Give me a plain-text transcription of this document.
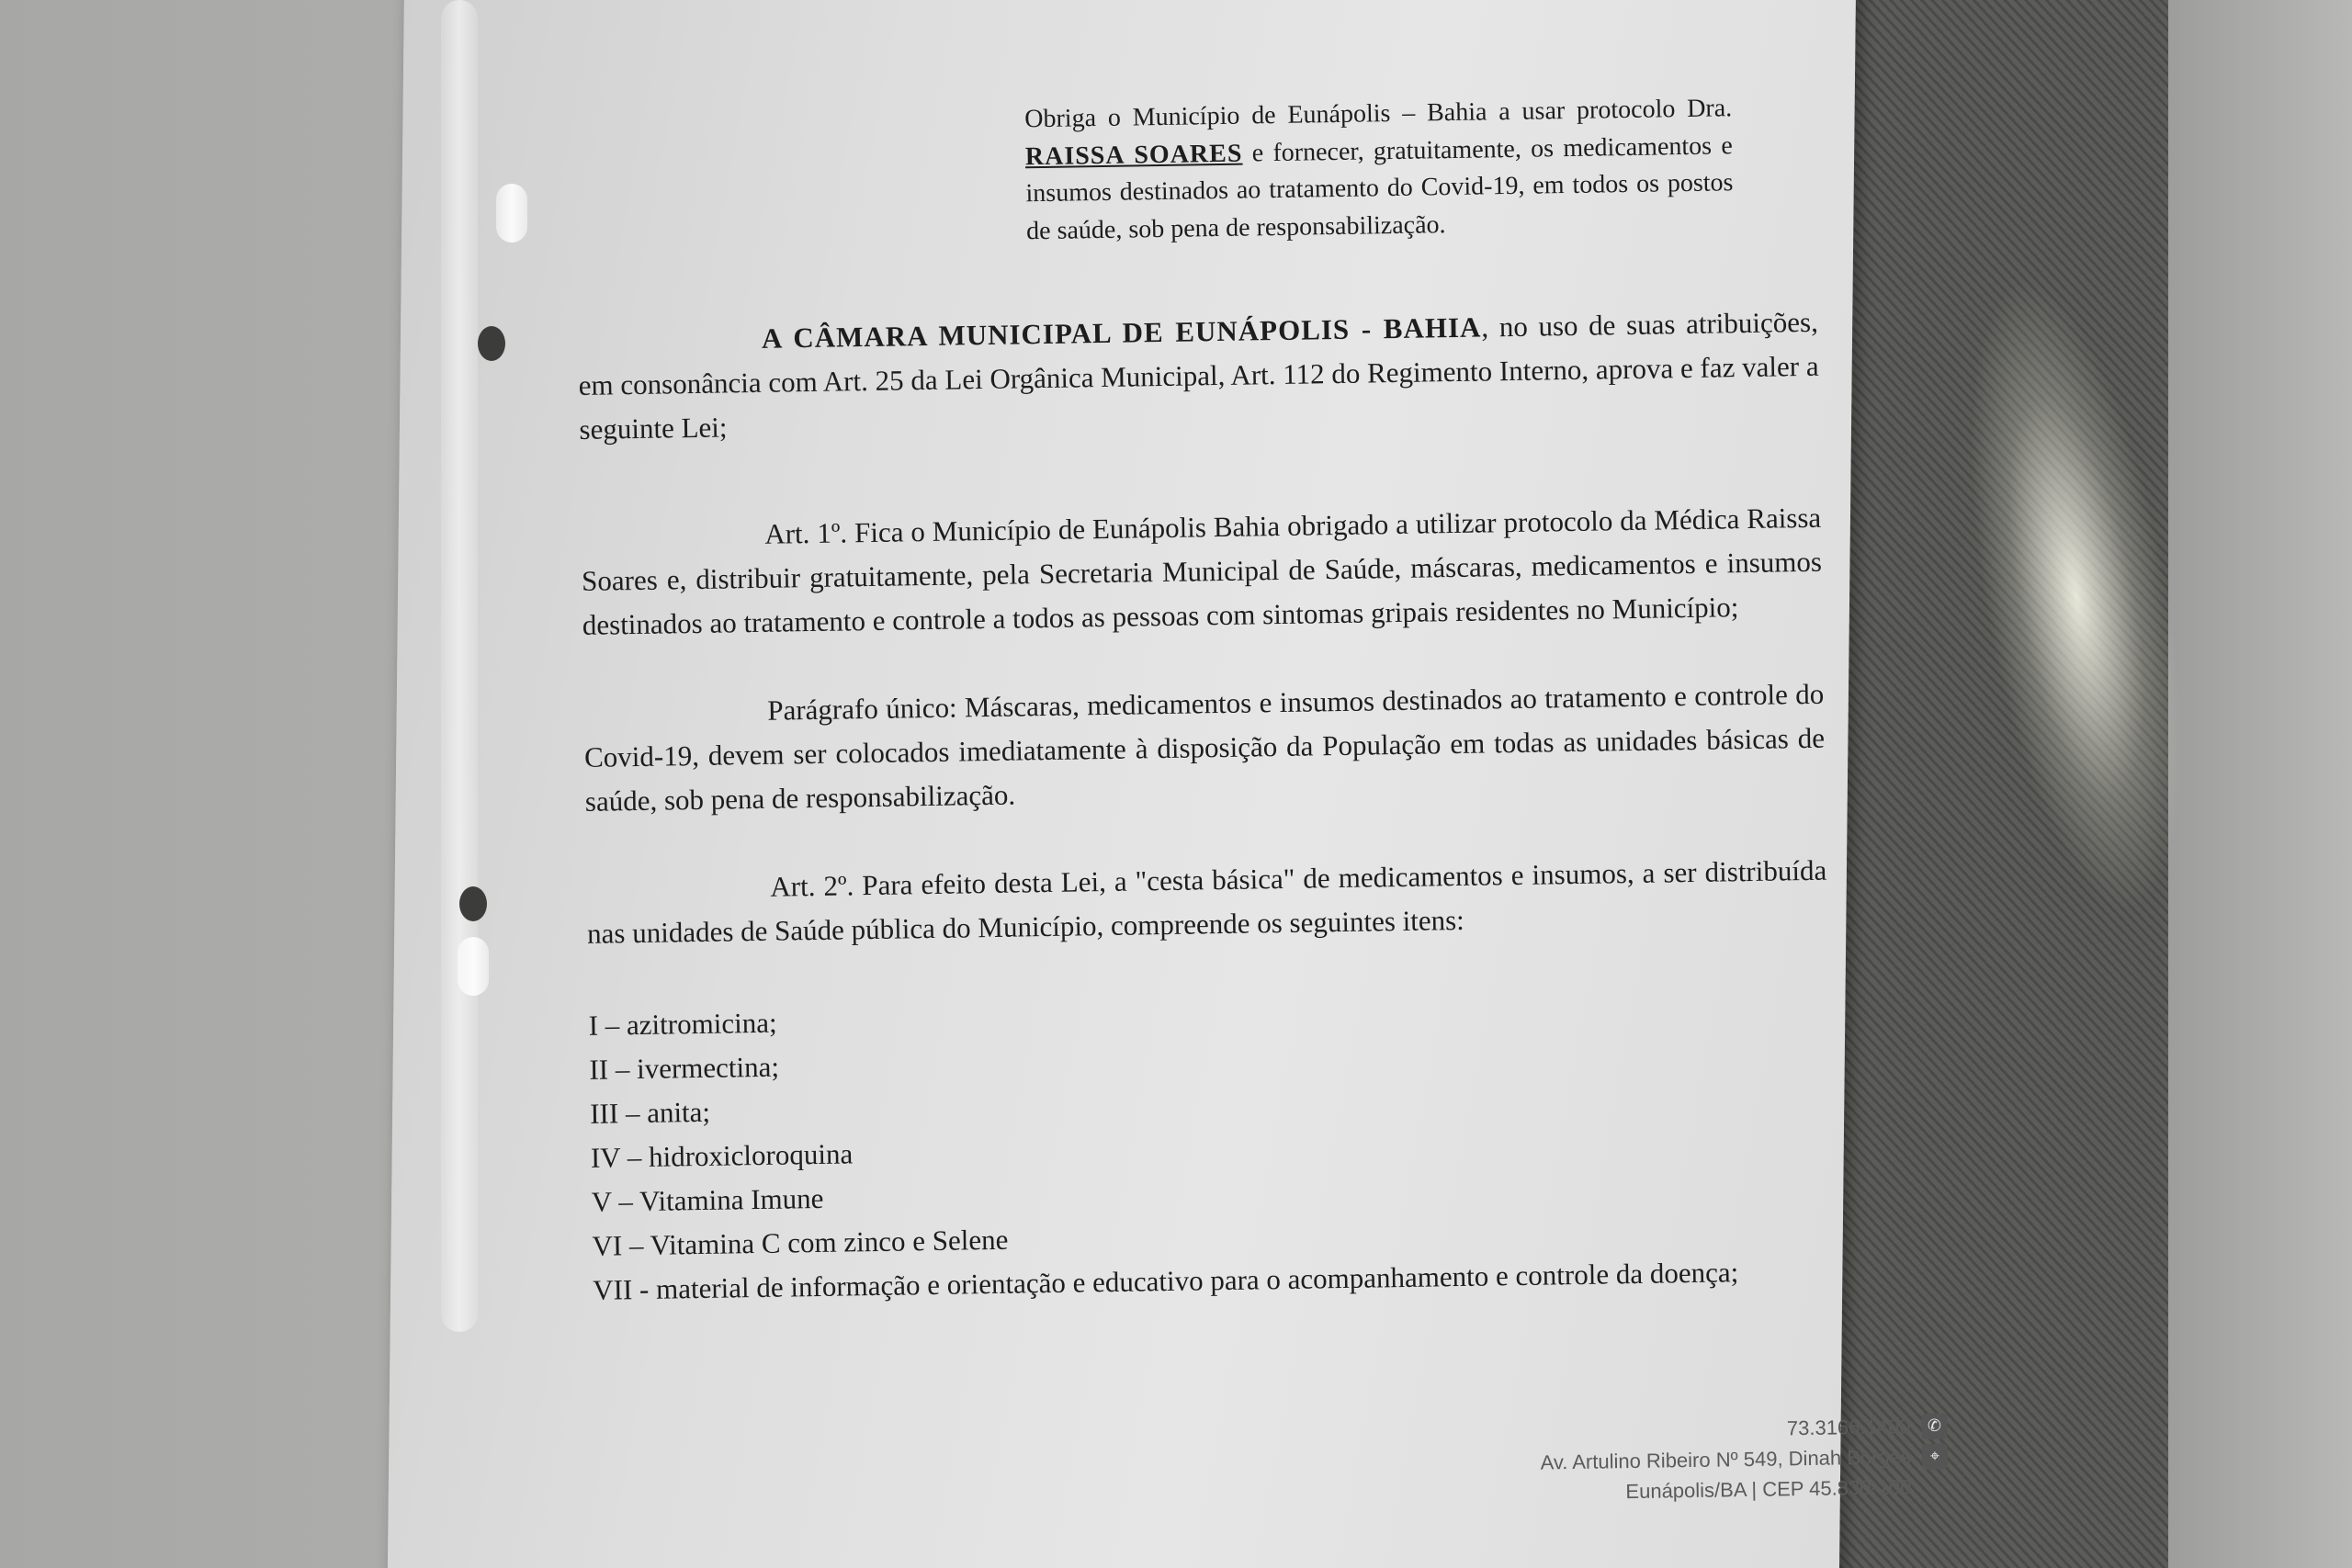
Obriga o Município de Eunápolis – Bahia a usar protocolo Dra. RAISSA SOARES e fornecer, gratuitamente, os medicamentos e insumos destinados ao tratamento do Covid-19, em todos os postos de saúde, sob pena de responsabilização.

A CÂMARA MUNICIPAL DE EUNÁPOLIS - BAHIA, no uso de suas atribuições, em consonância com Art. 25 da Lei Orgânica Municipal, Art. 112 do Regimento Interno, aprova e faz valer a seguinte Lei;

Art. 1º. Fica o Município de Eunápolis Bahia obrigado a utilizar protocolo da Médica Raissa Soares e, distribuir gratuitamente, pela Secretaria Municipal de Saúde, máscaras, medicamentos e insumos destinados ao tratamento e controle a todos as pessoas com sintomas gripais residentes no Município;

Parágrafo único: Máscaras, medicamentos e insumos destinados ao tratamento e controle do Covid-19, devem ser colocados imediatamente à disposição da População em todas as unidades básicas de saúde, sob pena de responsabilização.

Art. 2º. Para efeito desta Lei, a "cesta básica" de medicamentos e insumos, a ser distribuída nas unidades de Saúde pública do Município, compreende os seguintes itens:

I – azitromicina;
II – ivermectina;
III – anita;
IV – hidroxicloroquina
V – Vitamina Imune
VI – Vitamina C com zinco e Selene

VII - material de informação e orientação e educativo para o acompanhamento e controle da doença;

73.3166.1400	✆
Av. Artulino Ribeiro Nº 549, Dinah Borges	⌖
Eunápolis/BA | CEP 45.830-100
